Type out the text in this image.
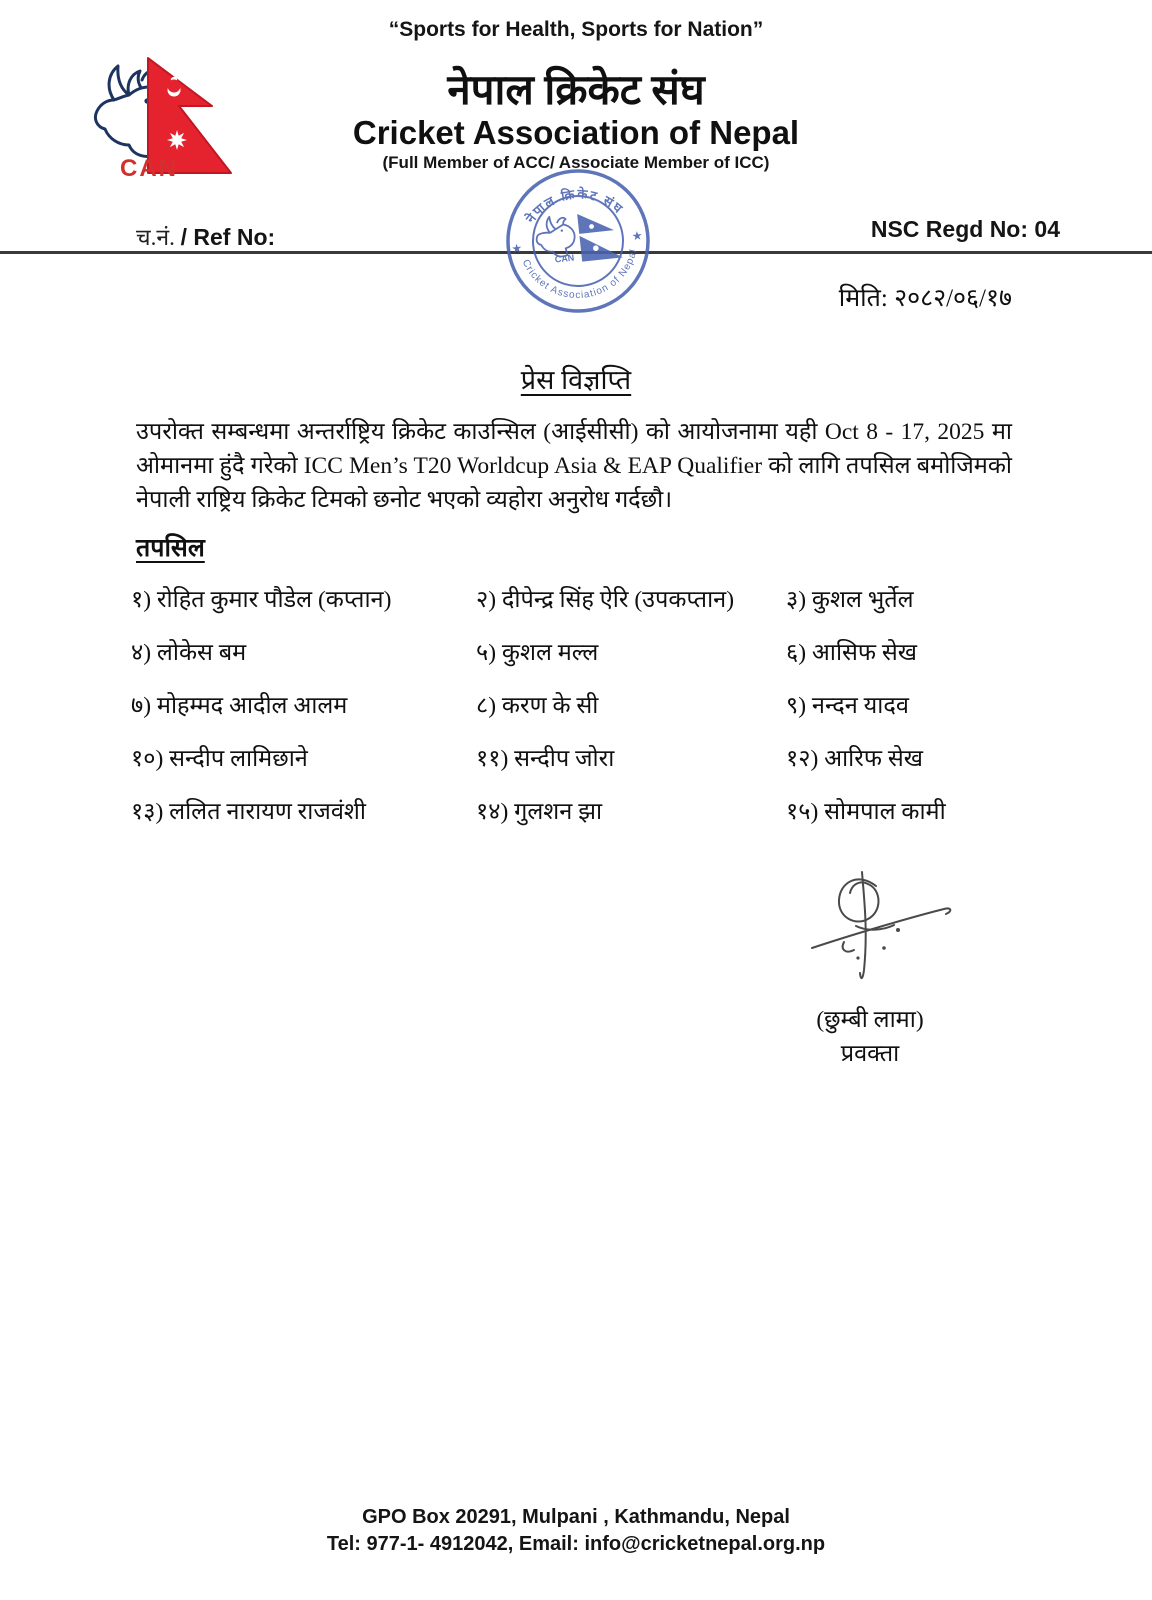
“Sports for Health, Sports for Nation”
CAN
नेपाल क्रिकेट संघ
Cricket Association of Nepal
(Full Member of ACC/ Associate Member of ICC)
च.नं. / Ref No:	NSC Regd No: 04
नेपाल क्रिकेट संघ
Cricket Association of Nepal
★
★
CAN
मिति: २०८२/०६/१७
प्रेस विज्ञप्ति
उपरोक्त सम्बन्धमा अन्तर्राष्ट्रिय क्रिकेट काउन्सिल (आईसीसी) को आयोजनामा यही Oct 8 - 17, 2025 मा ओमानमा हुंदै गरेको ICC Men’s T20 Worldcup Asia & EAP Qualifier को लागि तपसिल बमोजिमको नेपाली राष्ट्रिय क्रिकेट टिमको छनोट भएको व्यहोरा अनुरोध गर्दछौ।
तपसिल
१) रोहित कुमार पौडेल (कप्तान)	२) दीपेन्द्र सिंह ऐरि (उपकप्तान)	३) कुशल भुर्तेल
४) लोकेस बम	५) कुशल मल्ल	६) आसिफ सेख
७) मोहम्मद आदील आलम	८) करण के सी	९) नन्दन यादव
१०) सन्दीप लामिछाने	११) सन्दीप जोरा	१२) आरिफ सेख
१३) ललित नारायण राजवंशी	१४) गुलशन झा	१५) सोमपाल कामी
(छुम्बी लामा)
प्रवक्ता
GPO Box 20291, Mulpani , Kathmandu, Nepal
Tel: 977-1- 4912042, Email: info@cricketnepal.org.np
